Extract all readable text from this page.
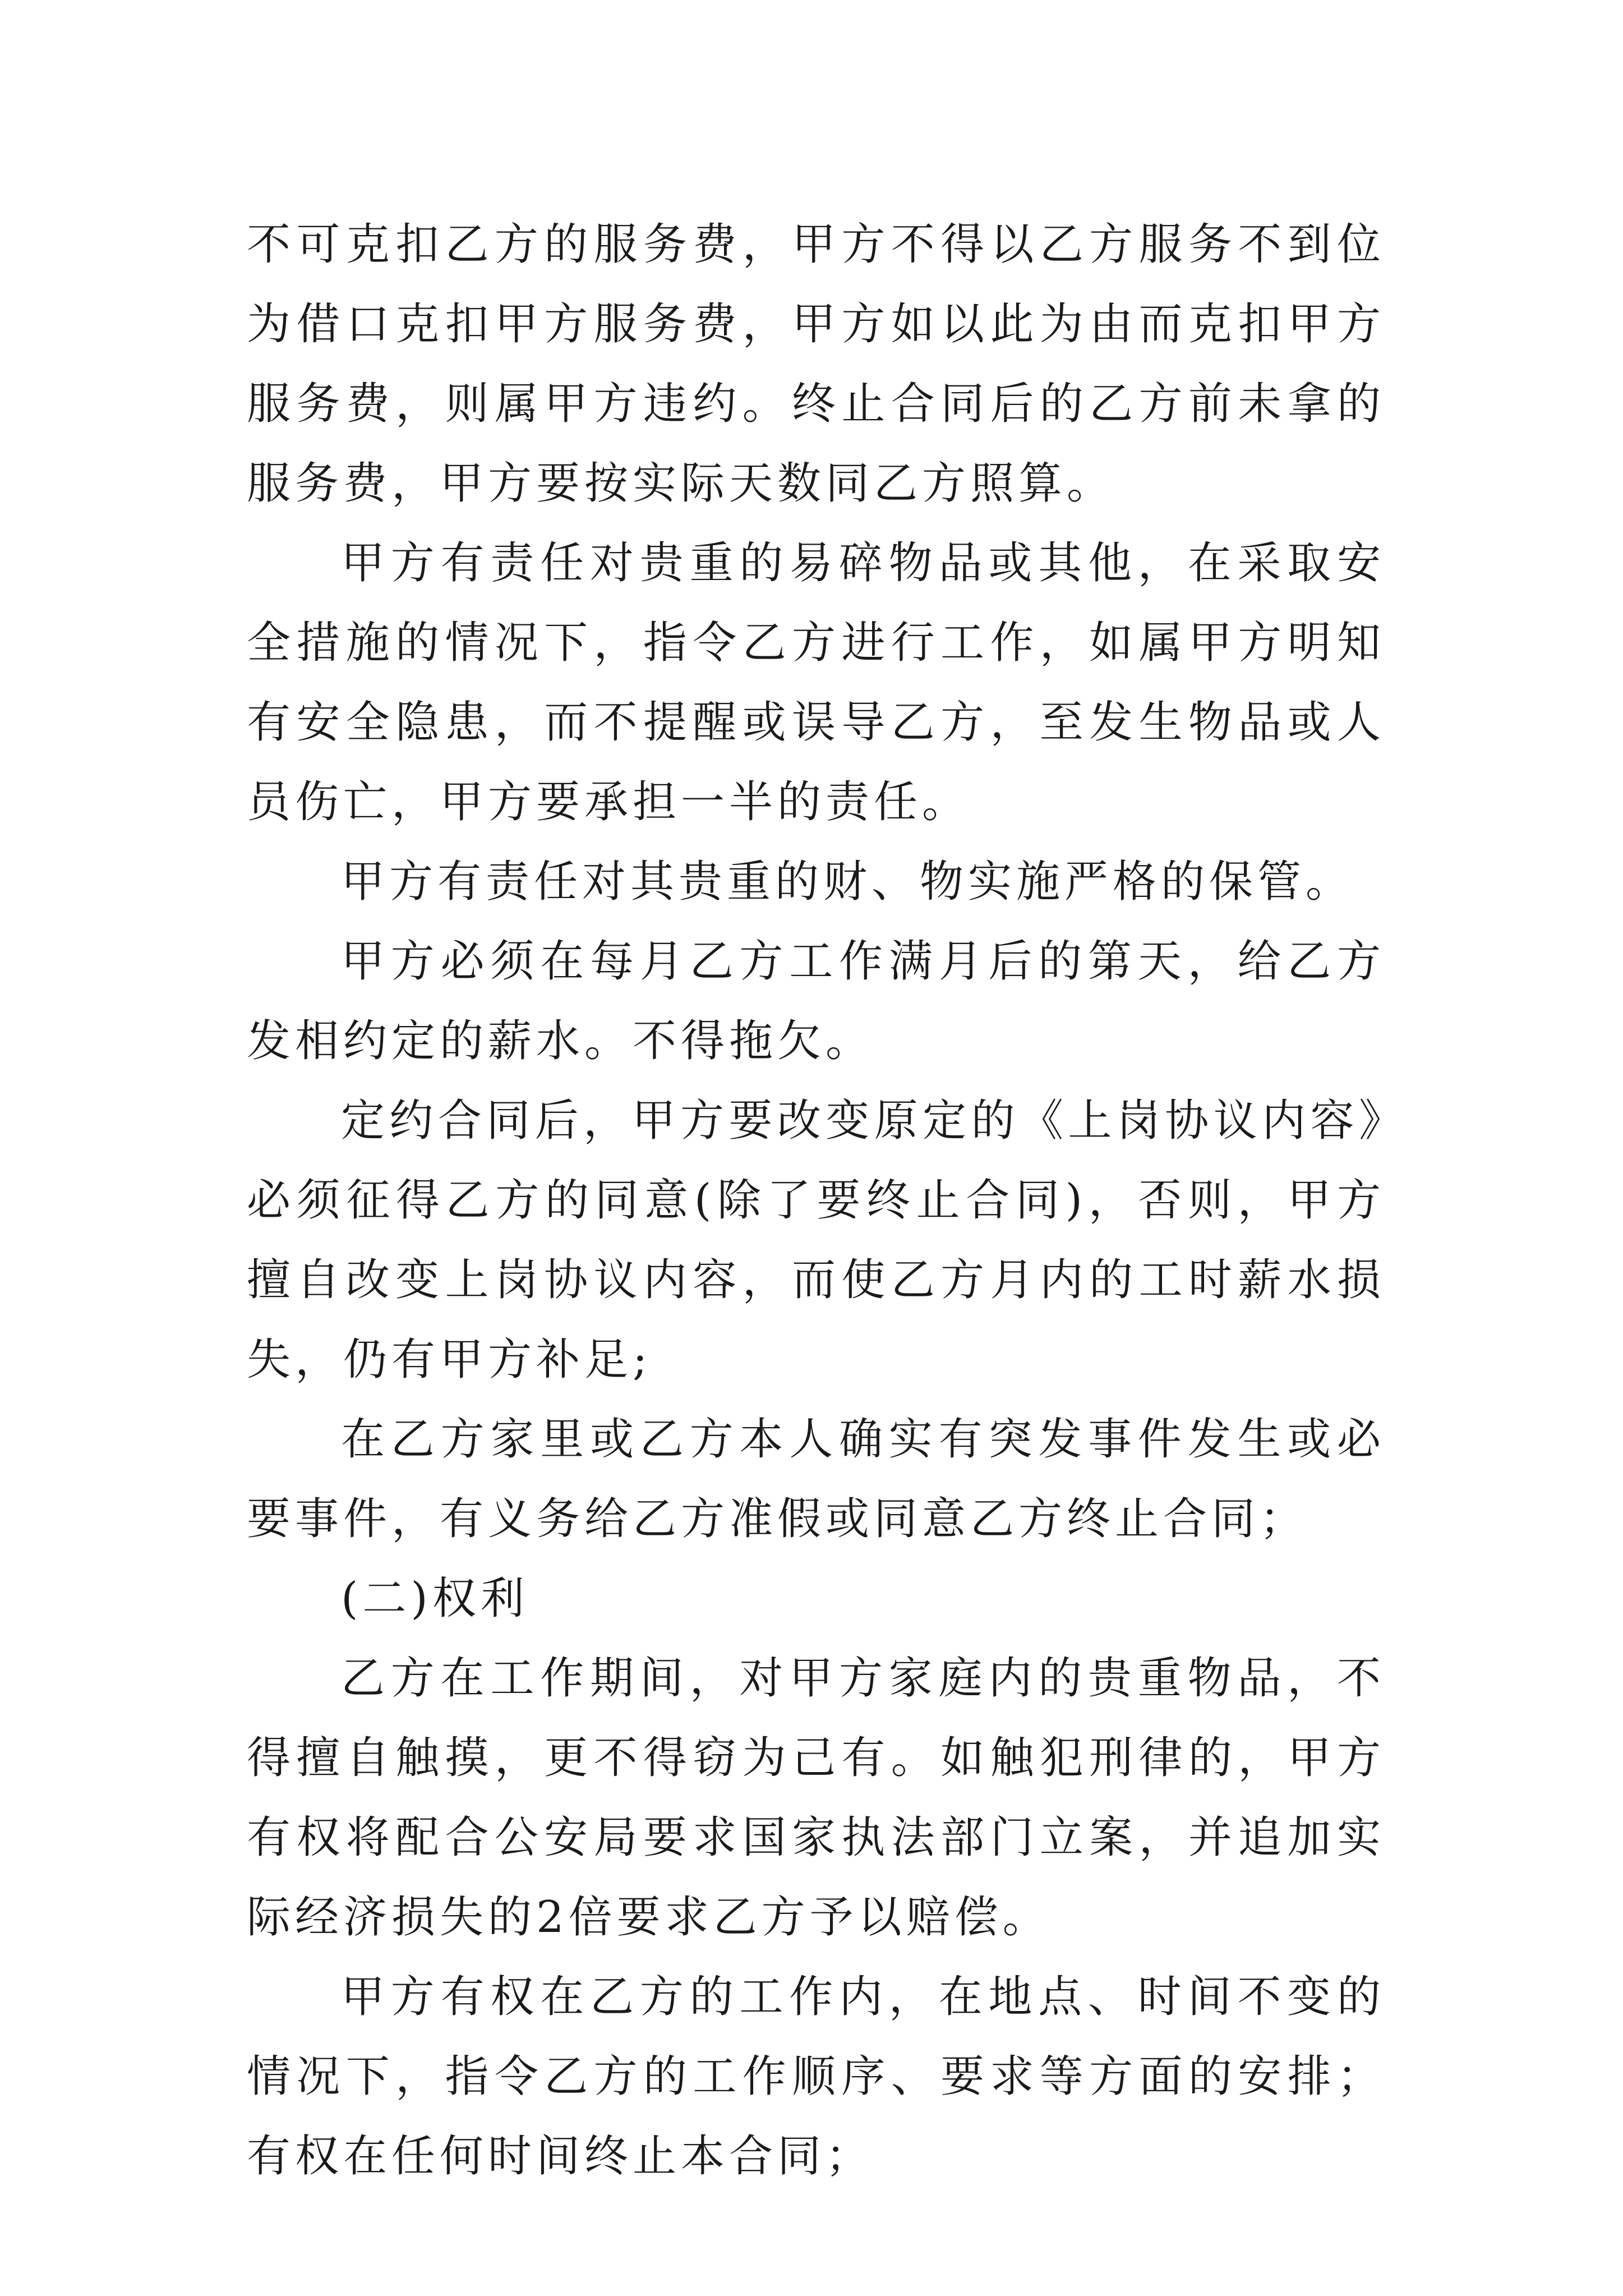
不可克扣乙方的服务费，甲方不得以乙方服务不到位为借口克扣甲方服务费，甲方如以此为由而克扣甲方服务费，则属甲方违约。终止合同后的乙方前未拿的服务费，甲方要按实际天数同乙方照算。

甲方有责任对贵重的易碎物品或其他，在采取安全措施的情况下，指令乙方进行工作，如属甲方明知有安全隐患，而不提醒或误导乙方，至发生物品或人员伤亡，甲方要承担一半的责任。

甲方有责任对其贵重的财、物实施严格的保管。

甲方必须在每月乙方工作满月后的第天，给乙方发相约定的薪水。不得拖欠。

定约合同后，甲方要改变原定的《上岗协议内容》必须征得乙方的同意(除了要终止合同)，否则，甲方擅自改变上岗协议内容，而使乙方月内的工时薪水损失，仍有甲方补足;

在乙方家里或乙方本人确实有突发事件发生或必要事件，有义务给乙方准假或同意乙方终止合同；

(二)权利

乙方在工作期间，对甲方家庭内的贵重物品，不得擅自触摸，更不得窃为己有。如触犯刑律的，甲方有权将配合公安局要求国家执法部门立案，并追加实际经济损失的2倍要求乙方予以赔偿。

甲方有权在乙方的工作内，在地点、时间不变的情况下，指令乙方的工作顺序、要求等方面的安排；有权在任何时间终止本合同；
